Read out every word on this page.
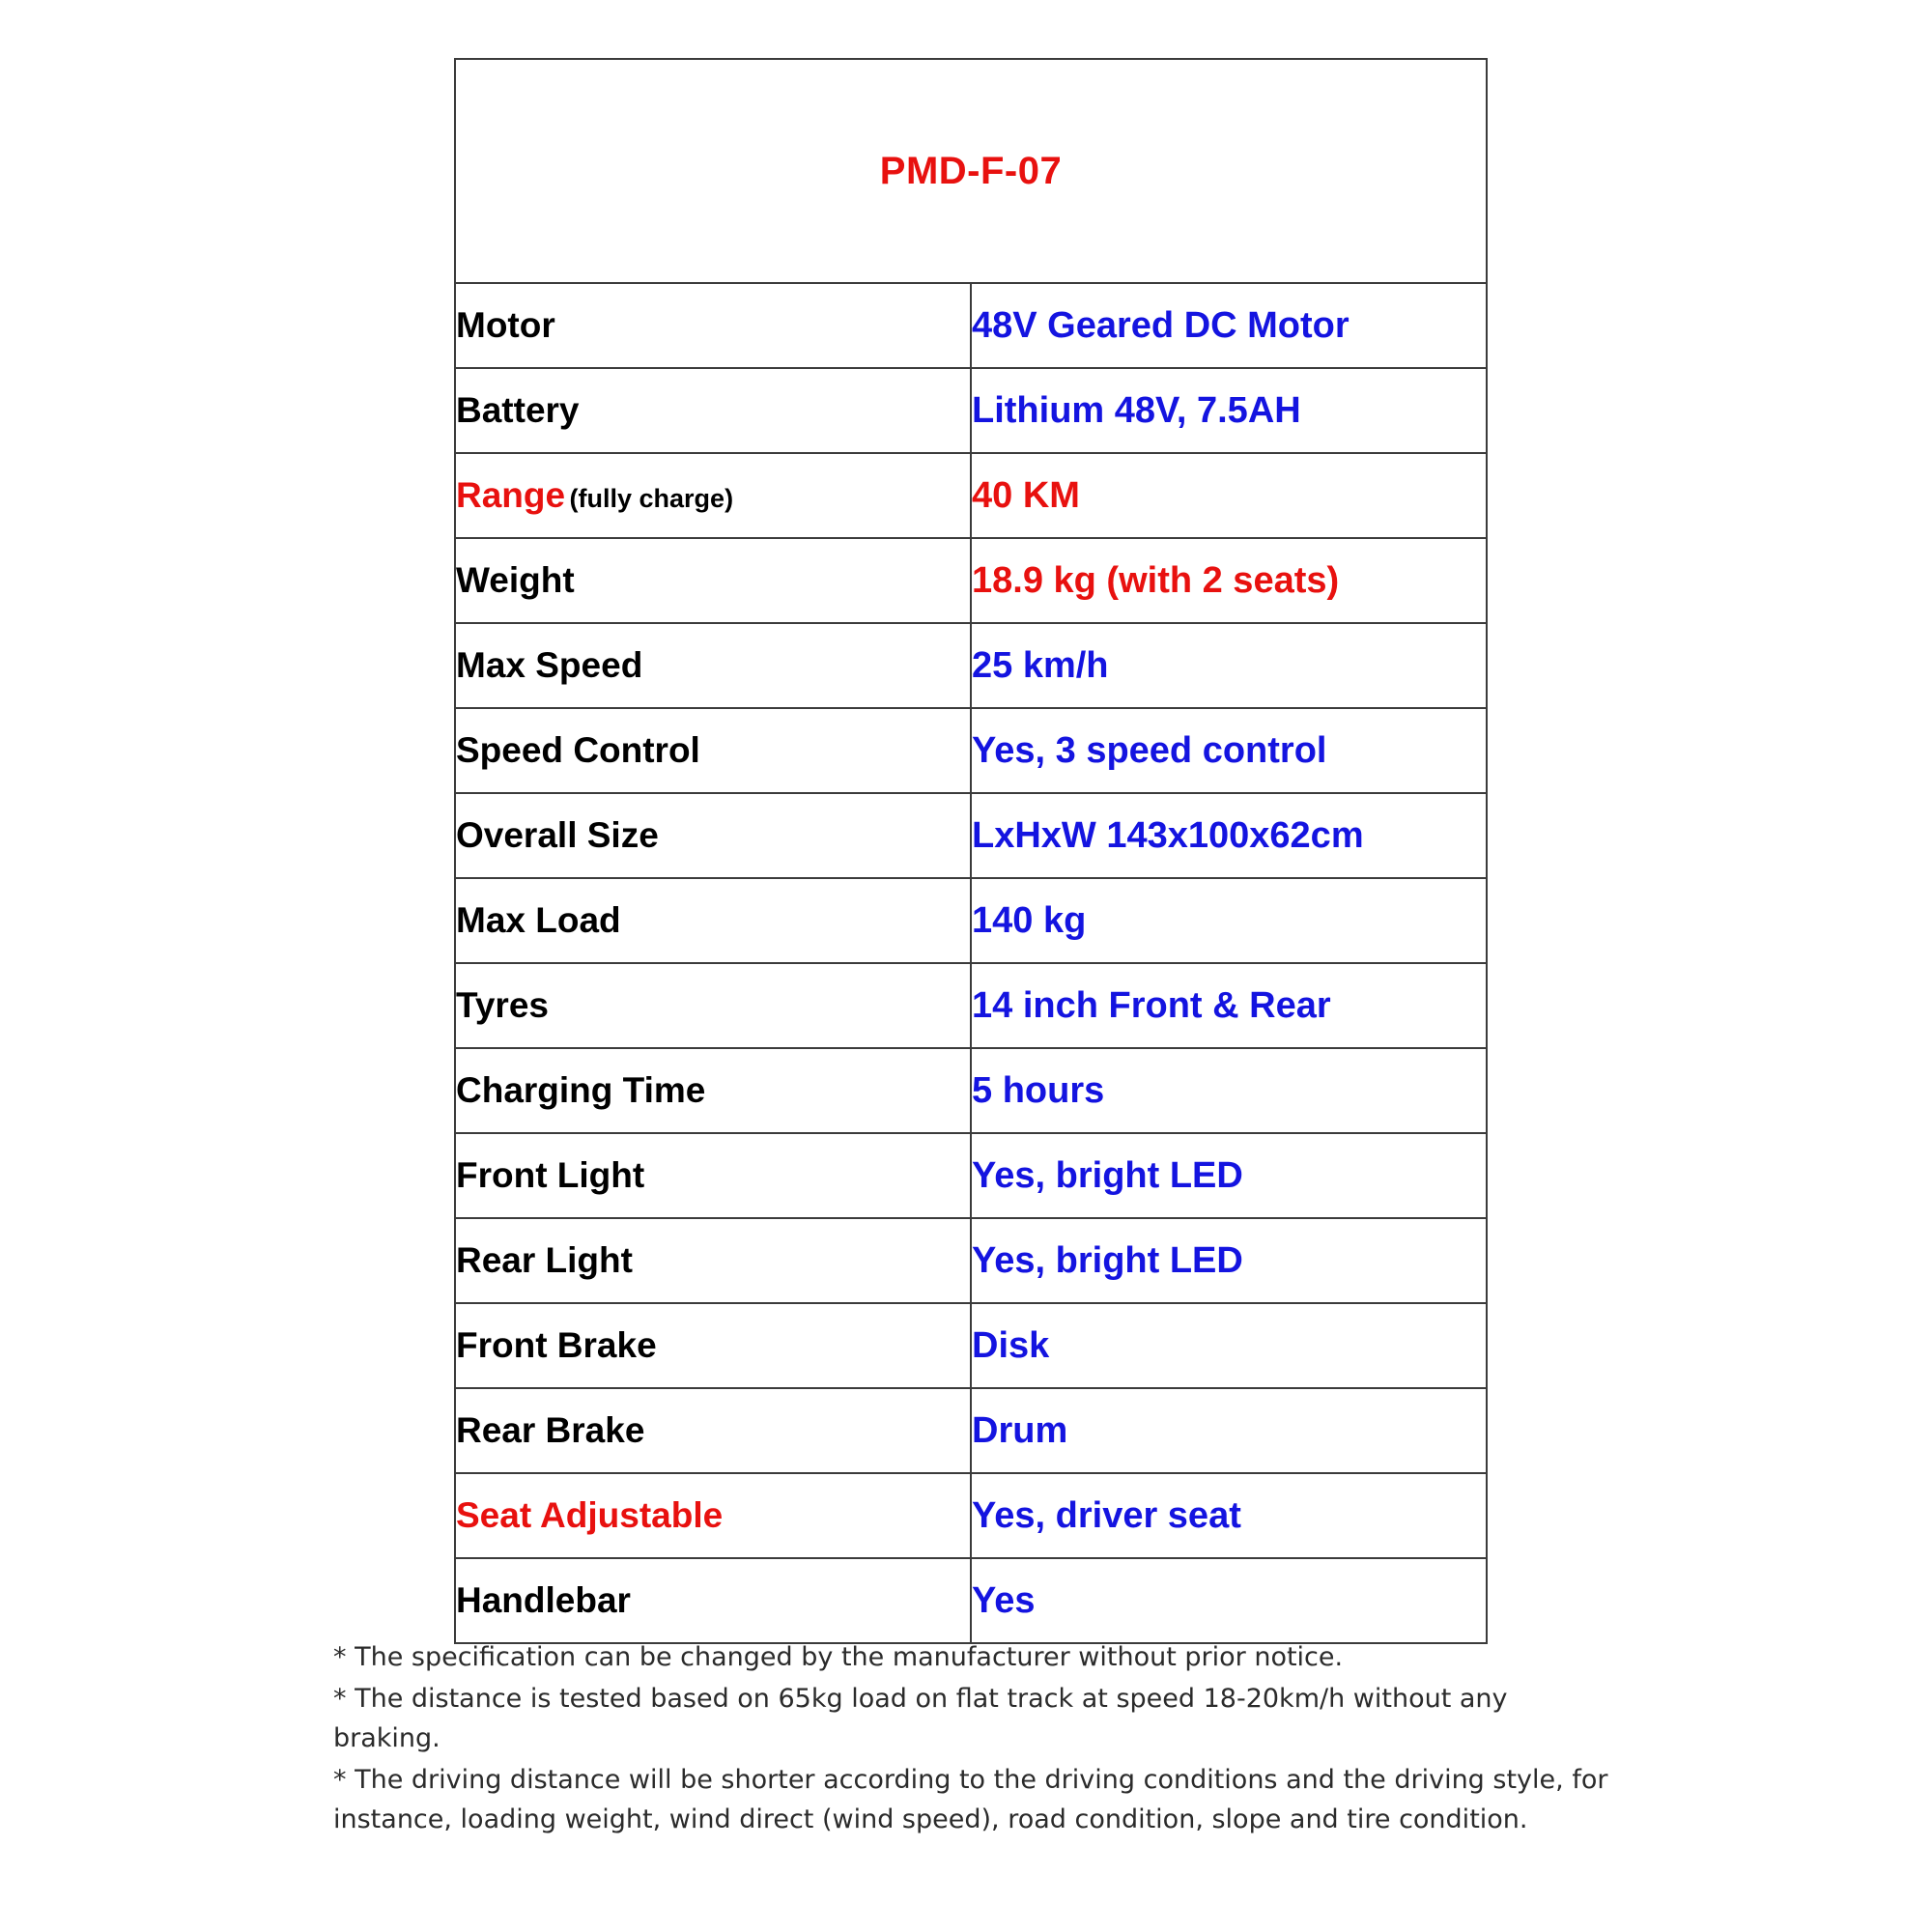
PMD-F-07	
Motor	48V Geared DC Motor
Battery	Lithium 48V, 7.5AH
Range (fully charge)	40 KM
Weight	18.9 kg (with 2 seats)
Max Speed	25 km/h
Speed Control	Yes, 3 speed control
Overall Size	LxHxW 143x100x62cm
Max Load	140 kg
Tyres	14 inch Front & Rear
Charging Time	5 hours
Front Light	Yes, bright LED
Rear Light	Yes, bright LED
Front Brake	Disk
Rear Brake	Drum
Seat Adjustable	Yes, driver seat
Handlebar	Yes

* The specification can be changed by the manufacturer without prior notice.

* The distance is tested based on 65kg load on flat track at speed 18-20km/h without any braking.

* The driving distance will be shorter according to the driving conditions and the driving style, for instance, loading weight, wind direct (wind speed), road condition, slope and tire condition.
